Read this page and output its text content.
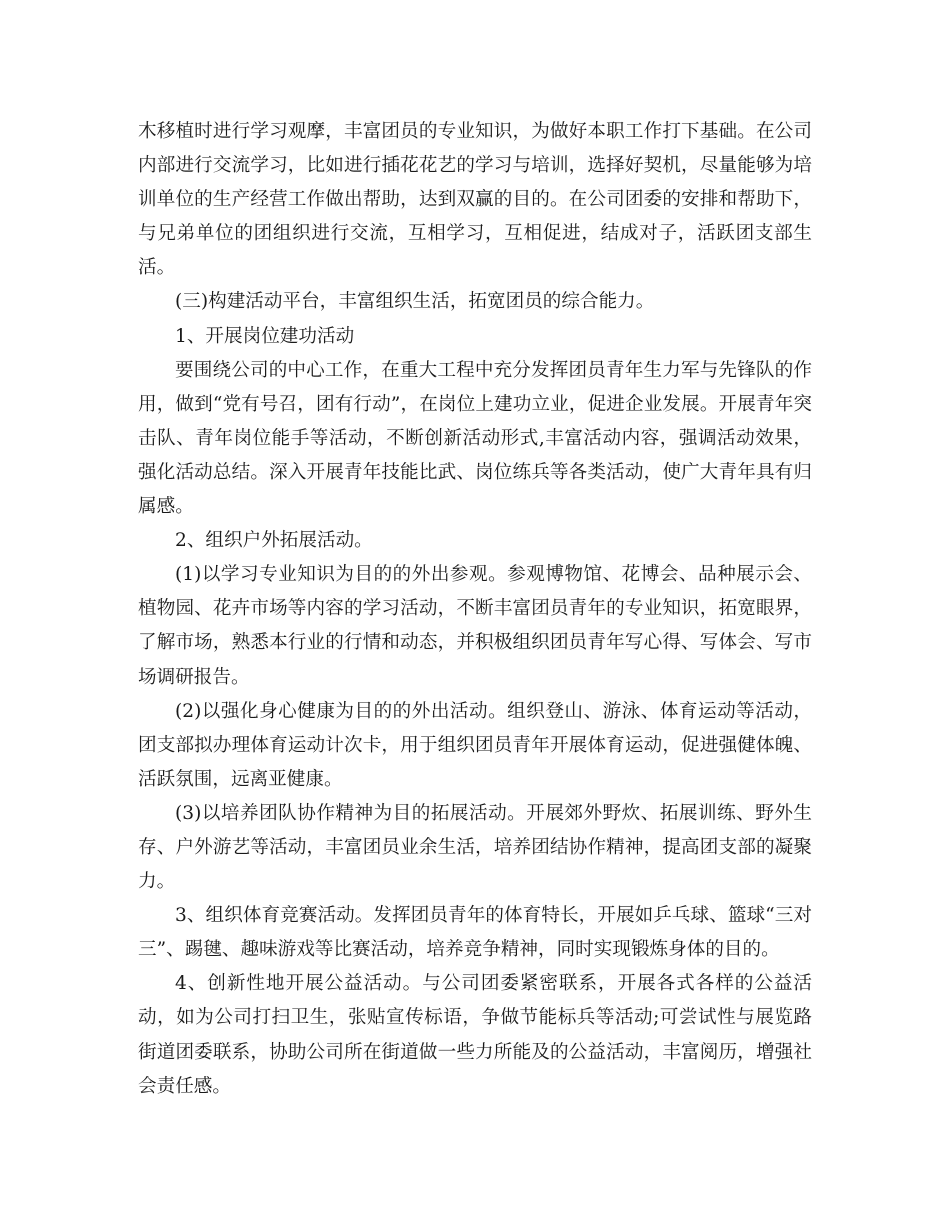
木移植时进行学习观摩，丰富团员的专业知识，为做好本职工作打下基础。在公司内部进行交流学习，比如进行插花花艺的学习与培训，选择好契机，尽量能够为培训单位的生产经营工作做出帮助，达到双赢的目的。在公司团委的安排和帮助下，与兄弟单位的团组织进行交流，互相学习，互相促进，结成对子，活跃团支部生活。

(三)构建活动平台，丰富组织生活，拓宽团员的综合能力。

1、开展岗位建功活动

要围绕公司的中心工作，在重大工程中充分发挥团员青年生力军与先锋队的作用，做到“党有号召，团有行动”，在岗位上建功立业，促进企业发展。开展青年突击队、青年岗位能手等活动，不断创新活动形式,丰富活动内容，强调活动效果，强化活动总结。深入开展青年技能比武、岗位练兵等各类活动，使广大青年具有归属感。

2、组织户外拓展活动。

(1)以学习专业知识为目的的外出参观。参观博物馆、花博会、品种展示会、植物园、花卉市场等内容的学习活动，不断丰富团员青年的专业知识，拓宽眼界，了解市场，熟悉本行业的行情和动态，并积极组织团员青年写心得、写体会、写市场调研报告。

(2)以强化身心健康为目的的外出活动。组织登山、游泳、体育运动等活动，团支部拟办理体育运动计次卡，用于组织团员青年开展体育运动，促进强健体魄、活跃氛围，远离亚健康。

(3)以培养团队协作精神为目的拓展活动。开展郊外野炊、拓展训练、野外生存、户外游艺等活动，丰富团员业余生活，培养团结协作精神，提高团支部的凝聚力。

3、组织体育竞赛活动。发挥团员青年的体育特长，开展如乒乓球、篮球“三对三”、踢毽、趣味游戏等比赛活动，培养竞争精神，同时实现锻炼身体的目的。

4、创新性地开展公益活动。与公司团委紧密联系，开展各式各样的公益活动，如为公司打扫卫生，张贴宣传标语，争做节能标兵等活动;可尝试性与展览路街道团委联系，协助公司所在街道做一些力所能及的公益活动，丰富阅历，增强社会责任感。
